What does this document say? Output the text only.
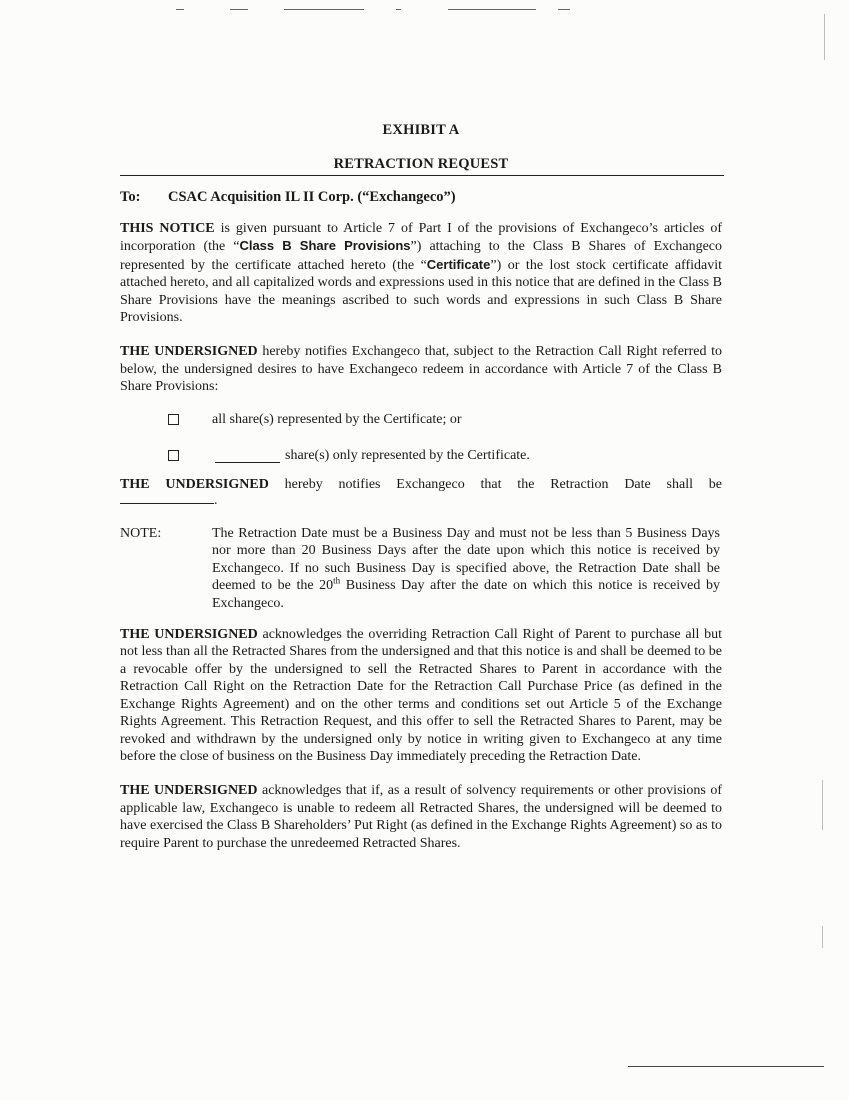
EXHIBIT A
RETRACTION REQUEST
To: CSAC Acquisition IL II Corp. (“Exchangeco”)

THIS NOTICE is given pursuant to Article 7 of Part I of the provisions of Exchangeco’s articles of incorporation (the “Class B Share Provisions”) attaching to the Class B Shares of Exchangeco represented by the certificate attached hereto (the “Certificate”) or the lost stock certificate affidavit attached hereto, and all capitalized words and expressions used in this notice that are defined in the Class B Share Provisions have the meanings ascribed to such words and expressions in such Class B Share Provisions.

THE UNDERSIGNED hereby notifies Exchangeco that, subject to the Retraction Call Right referred to below, the undersigned desires to have Exchangeco redeem in accordance with Article 7 of the Class B Share Provisions:

all share(s) represented by the Certificate; or
share(s) only represented by the Certificate.

THE UNDERSIGNED hereby notifies Exchangeco that the Retraction Date shall be

.
NOTE:	The Retraction Date must be a Business Day and must not be less than 5 Business Days nor more than 20 Business Days after the date upon which this notice is received by Exchangeco. If no such Business Day is specified above, the Retraction Date shall be deemed to be the 20th Business Day after the date on which this notice is received by Exchangeco.

THE UNDERSIGNED acknowledges the overriding Retraction Call Right of Parent to purchase all but not less than all the Retracted Shares from the undersigned and that this notice is and shall be deemed to be a revocable offer by the undersigned to sell the Retracted Shares to Parent in accordance with the Retraction Call Right on the Retraction Date for the Retraction Call Purchase Price (as defined in the Exchange Rights Agreement) and on the other terms and conditions set out Article 5 of the Exchange Rights Agreement. This Retraction Request, and this offer to sell the Retracted Shares to Parent, may be revoked and withdrawn by the undersigned only by notice in writing given to Exchangeco at any time before the close of business on the Business Day immediately preceding the Retraction Date.

THE UNDERSIGNED acknowledges that if, as a result of solvency requirements or other provisions of applicable law, Exchangeco is unable to redeem all Retracted Shares, the undersigned will be deemed to have exercised the Class B Shareholders’ Put Right (as defined in the Exchange Rights Agreement) so as to require Parent to purchase the unredeemed Retracted Shares.
